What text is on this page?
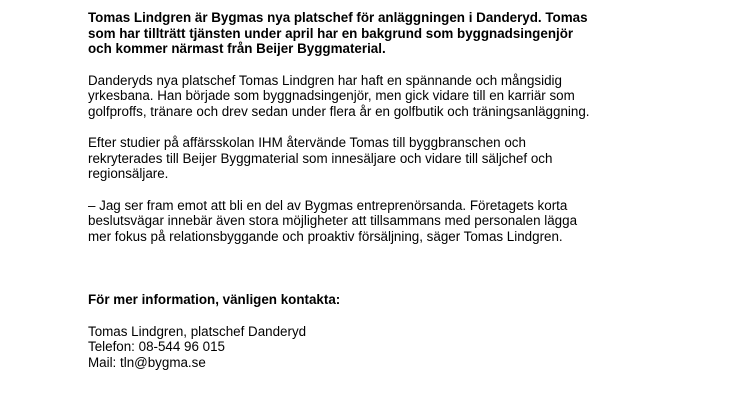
Tomas Lindgren är Bygmas nya platschef för anläggningen i Danderyd. Tomas
som har tillträtt tjänsten under april har en bakgrund som byggnadsingenjör
och kommer närmast från Beijer Byggmaterial.

Danderyds nya platschef Tomas Lindgren har haft en spännande och mångsidig
yrkesbana. Han började som byggnadsingenjör, men gick vidare till en karriär som
golfproffs, tränare och drev sedan under flera år en golfbutik och träningsanläggning.

Efter studier på affärsskolan IHM återvände Tomas till byggbranschen och
rekryterades till Beijer Byggmaterial som innesäljare och vidare till säljchef och
regionsäljare.

– Jag ser fram emot att bli en del av Bygmas entreprenörsanda. Företagets korta
beslutsvägar innebär även stora möjligheter att tillsammans med personalen lägga
mer fokus på relationsbyggande och proaktiv försäljning, säger Tomas Lindgren.

För mer information, vänligen kontakta:

Tomas Lindgren, platschef Danderyd
Telefon: 08-544 96 015
Mail: tln@bygma.se
